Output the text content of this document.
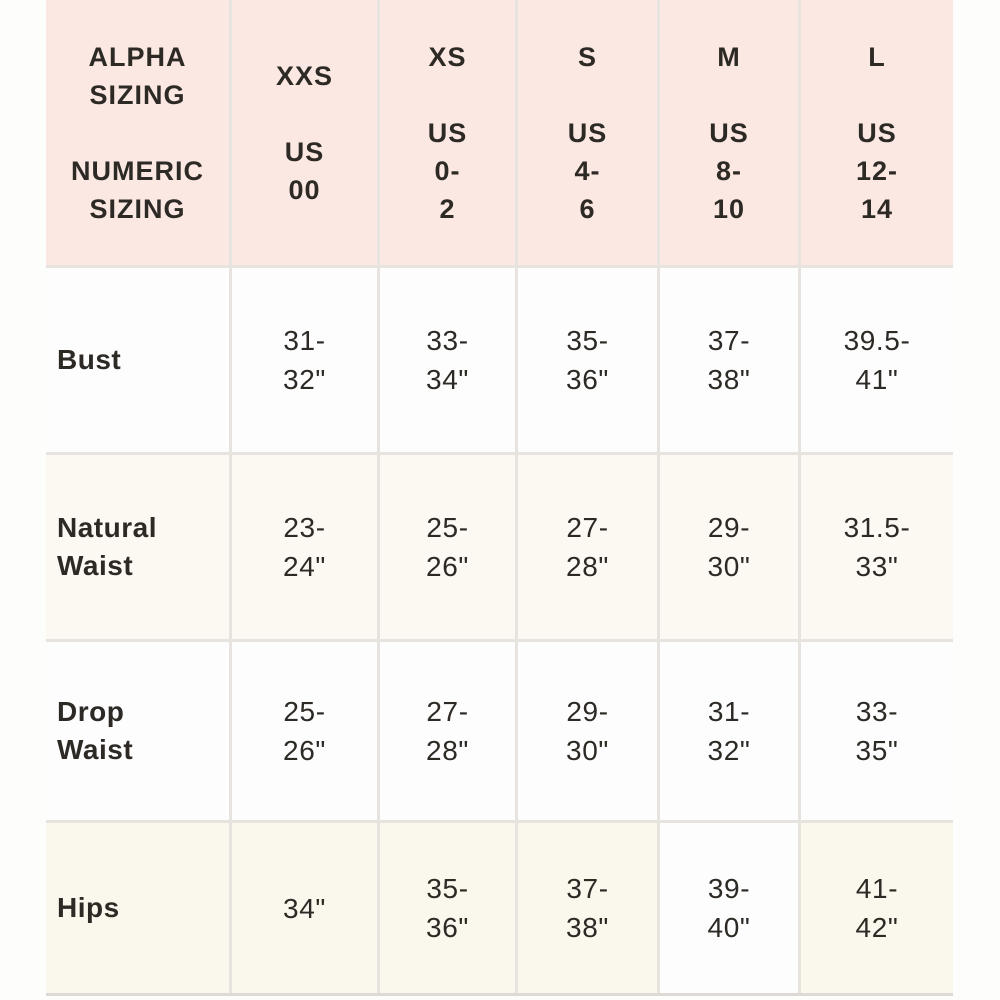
ALPHA
SIZING

NUMERIC
SIZING
XXS
US
00
XS
US
0-
2
S
US
4-
6
M
US
8-
10
L
US
12-
14
Bust
31-
32"
33-
34"
35-
36"
37-
38"
39.5-
41"
Natural
Waist
23-
24"
25-
26"
27-
28"
29-
30"
31.5-
33"
Drop
Waist
25-
26"
27-
28"
29-
30"
31-
32"
33-
35"
Hips	34"
35-
36"
37-
38"
39-
40"
41-
42"
